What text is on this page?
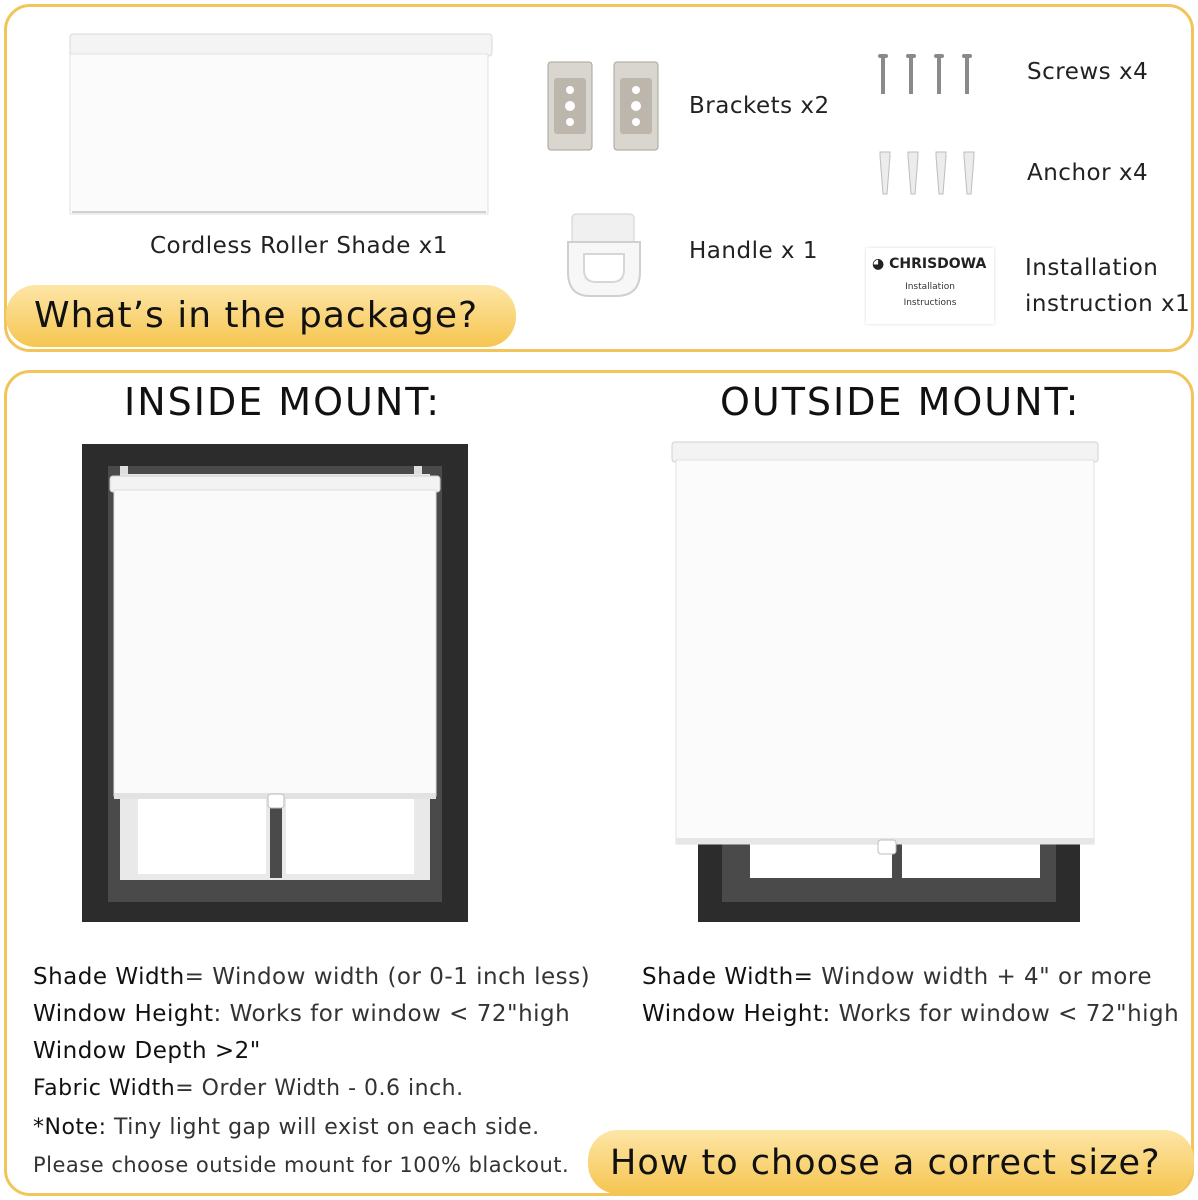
Cordless Roller Shade x1
Brackets x2
Handle x 1
Screws x4
Anchor x4
◕ CHRISDOWA
Installation
Instructions
Installation
instruction x1
What’s in the package?
INSIDE MOUNT:	OUTSIDE MOUNT:
Shade Width= Window width (or 0-1 inch less)
Window Height: Works for window < 72"high
Window Depth >2"
Fabric Width= Order Width - 0.6 inch.
*Note: Tiny light gap will exist on each side.
Please choose outside mount for 100% blackout.
Shade Width= Window width + 4" or more
Window Height: Works for window < 72"high
How to choose a correct size?
